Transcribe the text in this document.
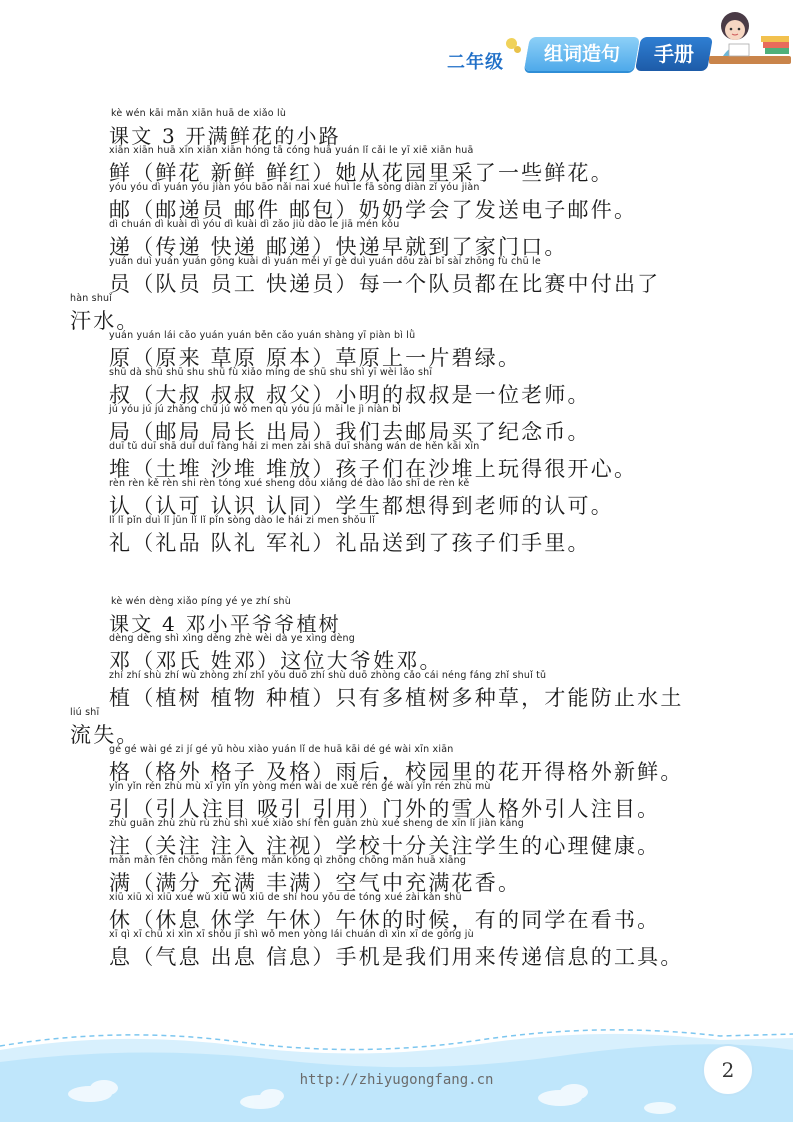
二年级	组词造句	手册
kè wén kāi mǎn xiān huā de xiǎo lù
课文 3 开满鲜花的小路
xiān xiān huā xīn xiān xiān hóng tā cóng huā yuán lǐ cǎi le yī xiē xiān huā
鲜（鲜花 新鲜 鲜红）她从花园里采了一些鲜花。
yóu yóu dì yuán yóu jiàn yóu bāo nǎi nai xué huì le fā sòng diàn zǐ yóu jiàn
邮（邮递员 邮件 邮包）奶奶学会了发送电子邮件。
dì chuán dì kuài dì yóu dì kuài dì zǎo jiù dào le jiā mén kǒu
递（传递 快递 邮递）快递早就到了家门口。
yuán duì yuán yuán gōng kuài dì yuán měi yī gè duì yuán dōu zài bǐ sài zhōng fù chū le
员（队员 员工 快递员）每一个队员都在比赛中付出了
hàn shuǐ
汗水。
yuán yuán lái cǎo yuán yuán běn cǎo yuán shàng yī piàn bì lǜ
原（原来 草原 原本）草原上一片碧绿。
shū dà shū shū shu shū fù xiǎo míng de shū shu shì yī wèi lǎo shī
叔（大叔 叔叔 叔父）小明的叔叔是一位老师。
jú yóu jú jú zhǎng chū jú wǒ men qù yóu jú mǎi le jì niàn bì
局（邮局 局长 出局）我们去邮局买了纪念币。
duī tǔ duī shā duī duī fàng hái zi men zài shā duī shàng wán de hěn kāi xīn
堆（土堆 沙堆 堆放）孩子们在沙堆上玩得很开心。
rèn rèn kě rèn shi rèn tóng xué sheng dōu xiǎng dé dào lǎo shī de rèn kě
认（认可 认识 认同）学生都想得到老师的认可。
lǐ lǐ pǐn duì lǐ jūn lǐ lǐ pǐn sòng dào le hái zi men shǒu lǐ
礼（礼品 队礼 军礼）礼品送到了孩子们手里。
kè wén dèng xiǎo píng yé ye zhí shù
课文 4 邓小平爷爷植树
dèng dèng shì xìng dèng zhè wèi dà ye xìng dèng
邓（邓氏 姓邓）这位大爷姓邓。
zhí zhí shù zhí wù zhòng zhí zhǐ yǒu duō zhí shù duō zhòng cǎo cái néng fáng zhǐ shuǐ tǔ
植（植树 植物 种植）只有多植树多种草，才能防止水土
liú shī
流失。
gé gé wài gé zi jí gé yǔ hòu xiào yuán lǐ de huā kāi dé gé wài xīn xiān
格（格外 格子 及格）雨后，校园里的花开得格外新鲜。
yǐn yǐn rén zhù mù xī yǐn yǐn yòng mén wài de xuě rén gé wài yǐn rén zhù mù
引（引人注目 吸引 引用）门外的雪人格外引人注目。
zhù guān zhù zhù rù zhù shì xué xiào shí fēn guān zhù xué sheng de xīn lǐ jiàn kāng
注（关注 注入 注视）学校十分关注学生的心理健康。
mǎn mǎn fēn chōng mǎn fēng mǎn kōng qì zhōng chōng mǎn huā xiāng
满（满分 充满 丰满）空气中充满花香。
xiū xiū xi xiū xué wǔ xiū wǔ xiū de shí hou yǒu de tóng xué zài kàn shū
休（休息 休学 午休）午休的时候，有的同学在看书。
xī qì xī chū xi xìn xī shǒu jī shì wǒ men yòng lái chuán dì xìn xī de gōng jù
息（气息 出息 信息）手机是我们用来传递信息的工具。
http://zhiyugongfang.cn	2
